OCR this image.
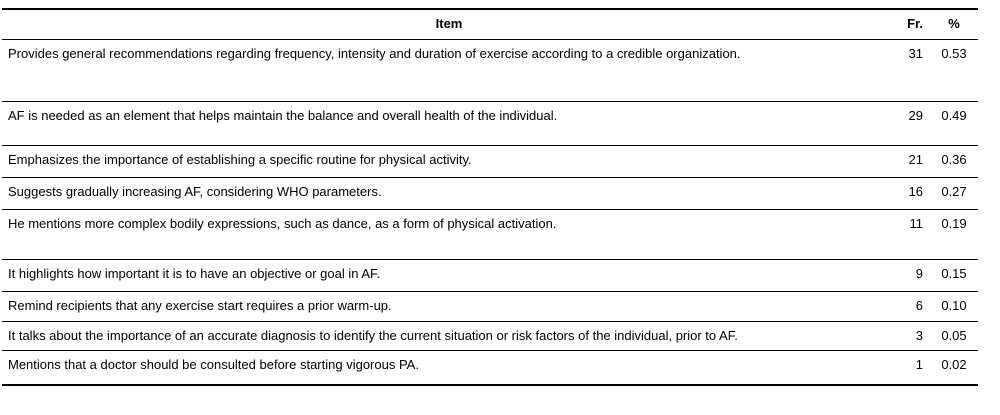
Item	Fr.	%
Provides general recommendations regarding frequency, intensity and duration of exercise according to a credible organization.	31	0.53
AF is needed as an element that helps maintain the balance and overall health of the individual.	29	0.49
Emphasizes the importance of establishing a specific routine for physical activity.	21	0.36
Suggests gradually increasing AF, considering WHO parameters.	16	0.27
He mentions more complex bodily expressions, such as dance, as a form of physical activation.	11	0.19
It highlights how important it is to have an objective or goal in AF.	9	0.15
Remind recipients that any exercise start requires a prior warm-up.	6	0.10
It talks about the importance of an accurate diagnosis to identify the current situation or risk factors of the individual, prior to AF.	3	0.05
Mentions that a doctor should be consulted before starting vigorous PA.	1	0.02
